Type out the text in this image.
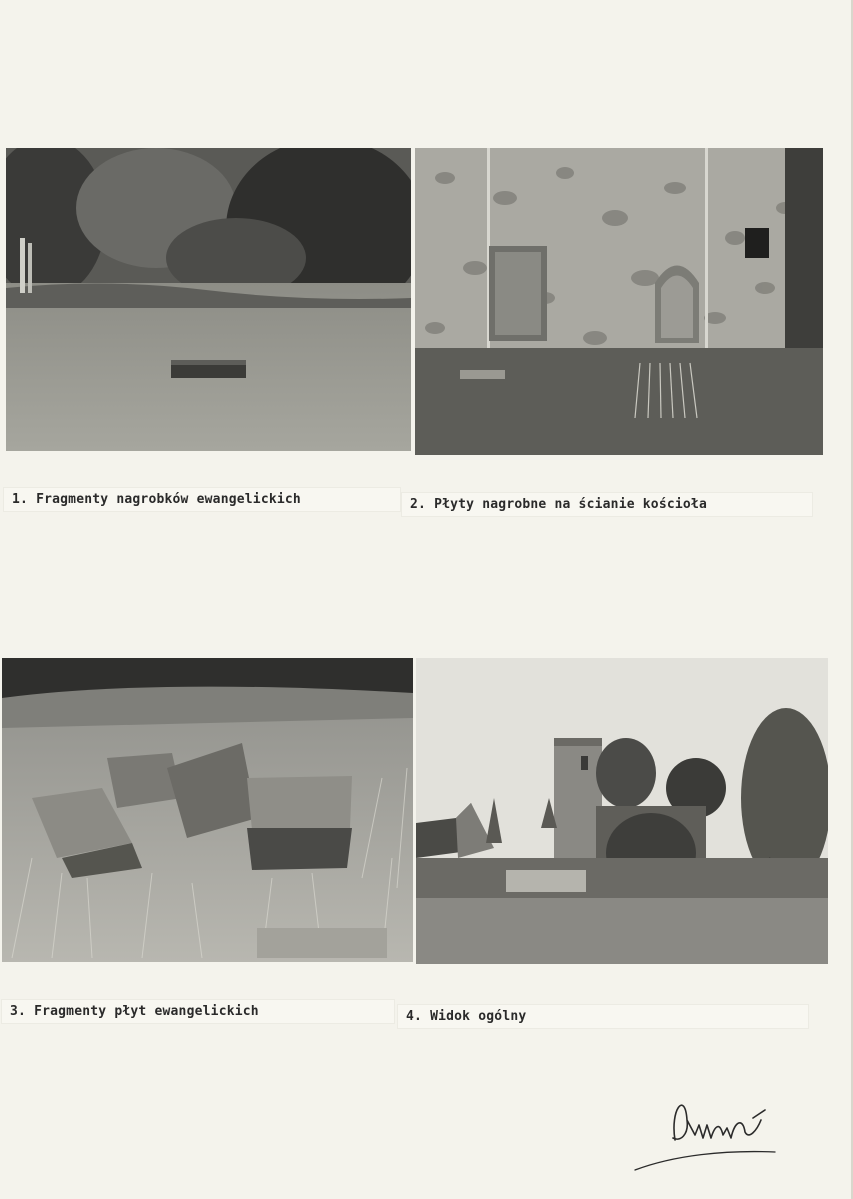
1. Fragmenty nagrobków ewangelickich	2. Płyty nagrobne na ścianie kościoła
3. Fragmenty płyt ewangelickich	4. Widok ogólny
